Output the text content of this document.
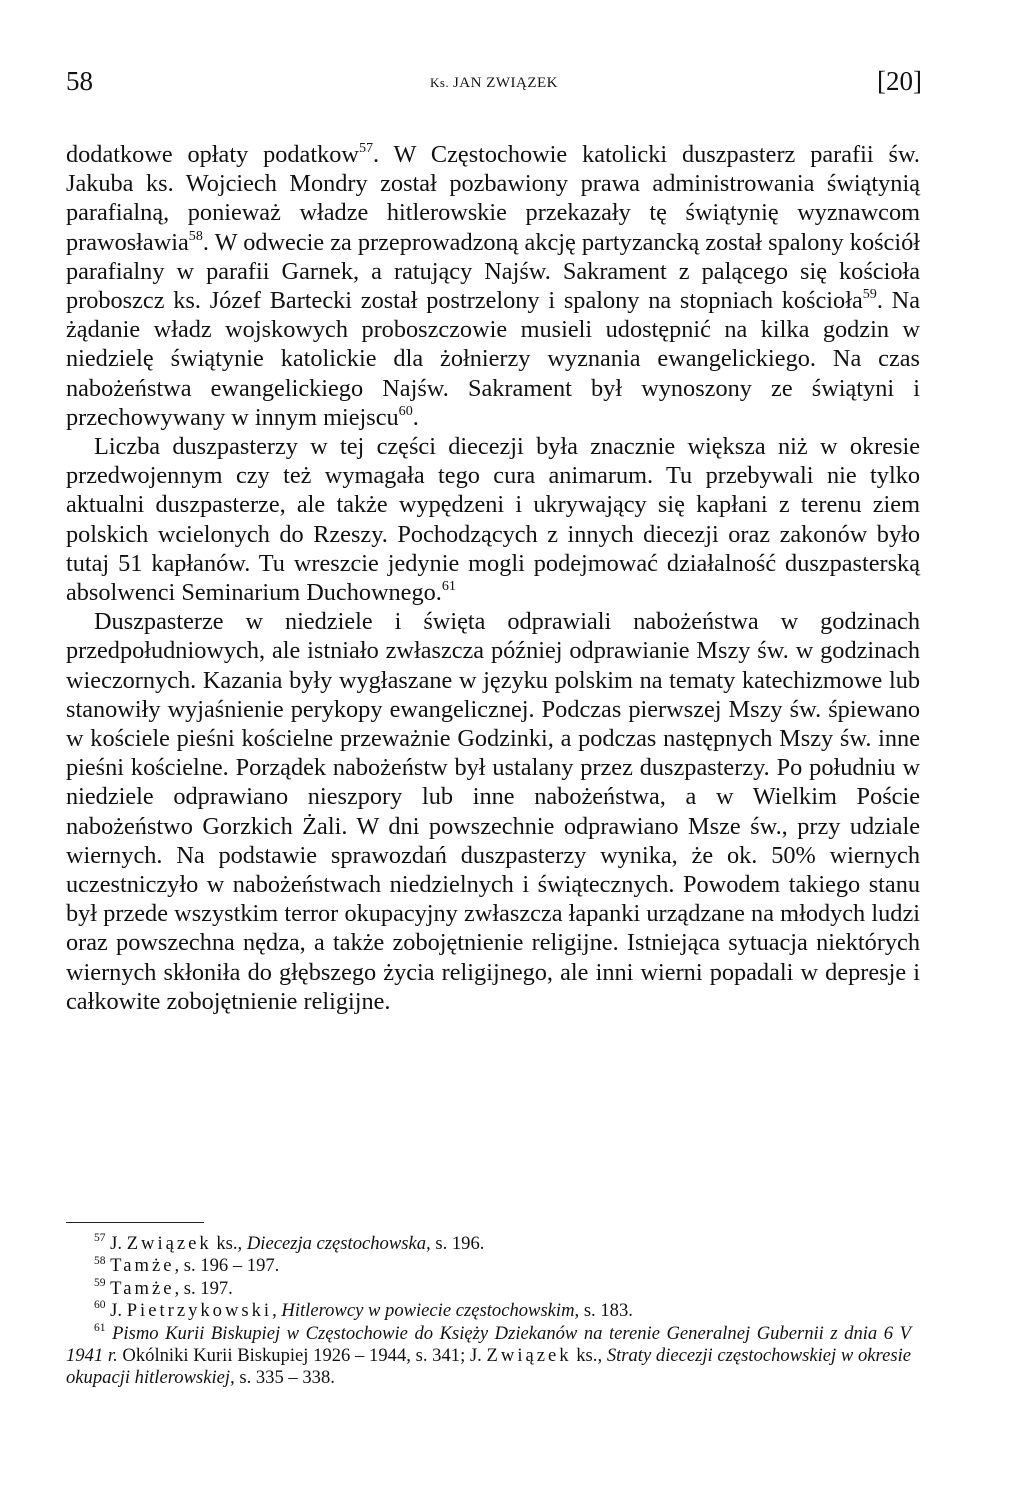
58	Ks. JAN ZWIĄZEK	[20]

dodatkowe opłaty podatkow$^{57}$. W Częstochowie katolicki duszpasterz parafii św. Jakuba ks. Wojciech Mondry został pozbawiony prawa administrowania świątynią parafialną, ponieważ władze hitlerowskie przekazały tę świątynię wyznawcom prawosławia$^{58}$. W odwecie za przeprowadzoną akcję partyzancką został spalony kościół parafialny w parafii Garnek, a ratujący Najśw. Sakrament z palącego się kościoła proboszcz ks. Józef Bartecki został postrzelony i spalony na stopniach kościoła$^{59}$. Na żądanie władz wojskowych proboszczowie musieli udostępnić na kilka godzin w niedzielę świątynie katolickie dla żołnierzy wyznania ewangelickiego. Na czas nabożeństwa ewangelickiego Najśw. Sakrament był wynoszony ze świątyni i przechowywany w innym miejscu$^{60}$.

Liczba duszpasterzy w tej części diecezji była znacznie większa niż w okresie przedwojennym czy też wymagała tego cura animarum. Tu przebywali nie tylko aktualni duszpasterze, ale także wypędzeni i ukrywający się kapłani z terenu ziem polskich wcielonych do Rzeszy. Pochodzących z innych diecezji oraz zakonów było tutaj 51 kapłanów. Tu wreszcie jedynie mogli podejmować działalność duszpasterską absolwenci Seminarium Duchownego.$^{61}$

Duszpasterze w niedziele i święta odprawiali nabożeństwa w godzinach przedpołudniowych, ale istniało zwłaszcza później odprawianie Mszy św. w godzinach wieczornych. Kazania były wygłaszane w języku polskim na tematy katechizmowe lub stanowiły wyjaśnienie perykopy ewangelicznej. Podczas pierwszej Mszy św. śpiewano w kościele pieśni kościelne przeważnie Godzinki, a podczas następnych Mszy św. inne pieśni kościelne. Porządek nabożeństw był ustalany przez duszpasterzy. Po południu w niedziele odprawiano nieszpory lub inne nabożeństwa, a w Wielkim Poście nabożeństwo Gorzkich Żali. W dni powszechnie odprawiano Msze św., przy udziale wiernych. Na podstawie sprawozdań duszpasterzy wynika, że ok. 50% wiernych uczestniczyło w nabożeństwach niedzielnych i świątecznych. Powodem takiego stanu był przede wszystkim terror okupacyjny zwłaszcza łapanki urządzane na młodych ludzi oraz powszechna nędza, a także zobojętnienie religijne. Istniejąca sytuacja niektórych wiernych skłoniła do głębszego życia religijnego, ale inni wierni popadali w depresje i całkowite zobojętnienie religijne.

$^{57}$ J. Związek ks., Diecezja częstochowska, s. 196.

$^{58}$ Tamże, s. 196 – 197.

$^{59}$ Tamże, s. 197.

$^{60}$ J. Pietrzykowski, Hitlerowcy w powiecie częstochowskim, s. 183.

$^{61}$ Pismo Kurii Biskupiej w Częstochowie do Księży Dziekanów na terenie Generalnej Gubernii z dnia 6 V 1941 r. Okólniki Kurii Biskupiej 1926 – 1944, s. 341; J. Związek ks., Straty diecezji częstochowskiej w okresie okupacji hitlerowskiej, s. 335 – 338.
